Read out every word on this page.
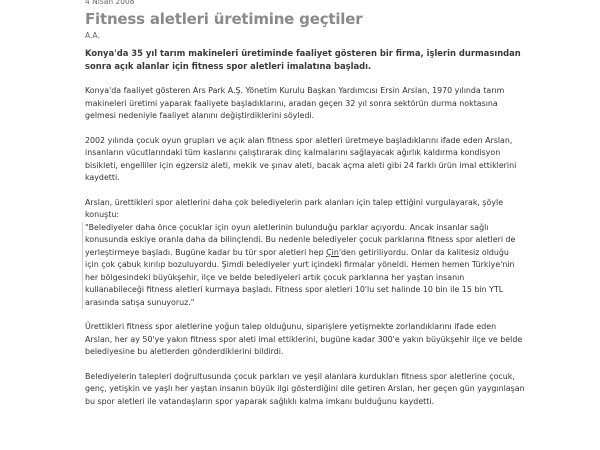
4 Nisan 2008
Fitness aletleri üretimine geçtiler
A.A.
Konya'da 35 yıl tarım makineleri üretiminde faaliyet gösteren bir firma, işlerin durmasından sonra açık alanlar için fitness spor aletleri imalatına başladı.

Konya'da faaliyet gösteren Ars Park A.Ş. Yönetim Kurulu Başkan Yardımcısı Ersin Arslan, 1970 yılında tarım makineleri üretimi yaparak faaliyete başladıklarını, aradan geçen 32 yıl sonra sektörün durma noktasına gelmesi nedeniyle faaliyet alanını değiştirdiklerini söyledi.

2002 yılında çocuk oyun grupları ve açık alan fitness spor aletleri üretmeye başladıklarını ifade eden Arslan, insanların vücutlarındaki tüm kaslarını çalıştırarak dinç kalmalarını sağlayacak ağırlık kaldırma kondisyon bisikleti, engelliler için egzersiz aleti, mekik ve şınav aleti, bacak açma aleti gibi 24 farklı ürün imal ettiklerini kaydetti.

Arslan, ürettikleri spor aletlerini daha çok belediyelerin park alanları için talep ettiğini vurgulayarak, şöyle konuştu:

"Belediyeler daha önce çocuklar için oyun aletlerinin bulunduğu parklar açıyordu. Ancak insanlar sağlı konusunda eskiye oranla daha da bilinçlendi. Bu nedenle belediyeler çocuk parklarına fitness spor aletleri de yerleştirmeye başladı. Bugüne kadar bu tür spor aletleri hep Çin'den getiriliyordu. Onlar da kalitesiz olduğu için çok çabuk kırılıp bozuluyordu. Şimdi belediyeler yurt içindeki firmalar yöneldi. Hemen hemen Türkiye'nin her bölgesindeki büyükşehir, ilçe ve belde belediyeleri artık çocuk parklarına her yaştan insanın kullanabileceği fitness aletleri kurmaya başladı. Fitness spor aletleri 10'lu set halinde 10 bin ile 15 bin YTL arasında satışa sunuyoruz."

Ürettikleri fitness spor aletlerine yoğun talep olduğunu, siparişlere yetişmekte zorlandıklarını ifade eden Arslan, her ay 50'ye yakın fitness spor aleti imal ettiklerini, bugüne kadar 300'e yakın büyükşehir ilçe ve belde belediyesine bu aletlerden gönderdiklerini bildirdi.

Belediyelerin talepleri doğrultusunda çocuk parkları ve yeşil alanlara kurdukları fitness spor aletlerine çocuk, genç, yetişkin ve yaşlı her yaştan insanın büyük ilgi gösterdiğini dile getiren Arslan, her geçen gün yaygınlaşan bu spor aletleri ile vatandaşların spor yaparak sağlıklı kalma imkanı bulduğunu kaydetti.
